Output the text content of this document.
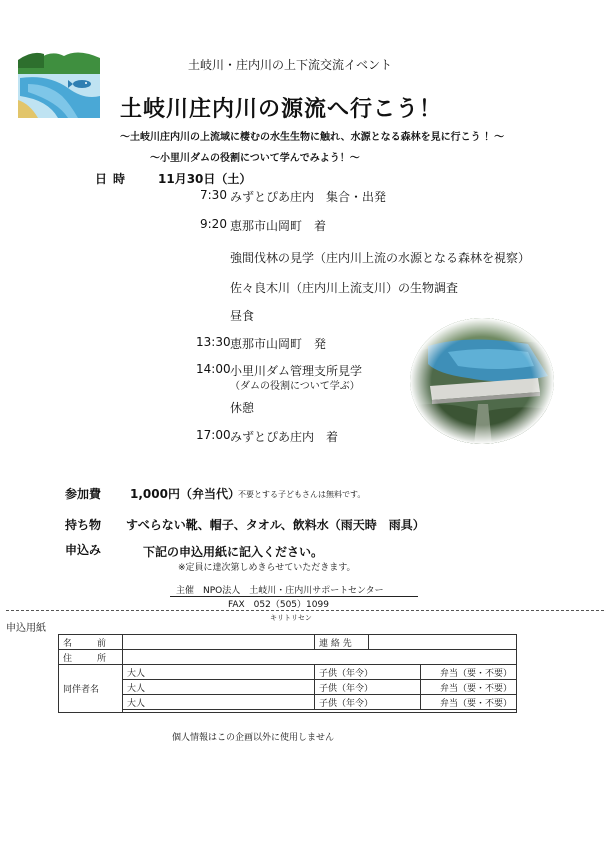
土岐川・庄内川の上下流交流イベント
土岐川庄内川の源流へ行こう！
～土岐川庄内川の上流域に棲むの水生生物に触れ、水源となる森林を見に行こう ！～
～小里川ダムの役割について学んでみよう！～
日時 11月30日（土）
7:30 みずとぴあ庄内　集合・出発
9:20 恵那市山岡町　着
強間伐林の見学（庄内川上流の水源となる森林を視察）
佐々良木川（庄内川上流支川）の生物調査
昼食
13:30 恵那市山岡町　発
14:00 小里川ダム管理支所見学
（ダムの役割について学ぶ）
休憩
17:00 みずとぴあ庄内　着
参加費 1,000円（弁当代）
不要とする子どもさんは無料です。
持ち物 すべらない靴、帽子、タオル、飲料水（雨天時　雨具）
申込み	下記の申込用紙に記入ください。
※定員に達次第しめきらせていただきます。
主催　NPO法人　土岐川・庄内川サポートセンター
FAX　052（505）1099
キリトリセン
申込用紙
名　前		連 絡 先		
住　所				
同伴者名	大人	子供（年令）		弁当（要・不要）
	大人	子供（年令）		弁当（要・不要）
	大人	子供（年令）		弁当（要・不要）

個人情報はこの企画以外に使用しません
